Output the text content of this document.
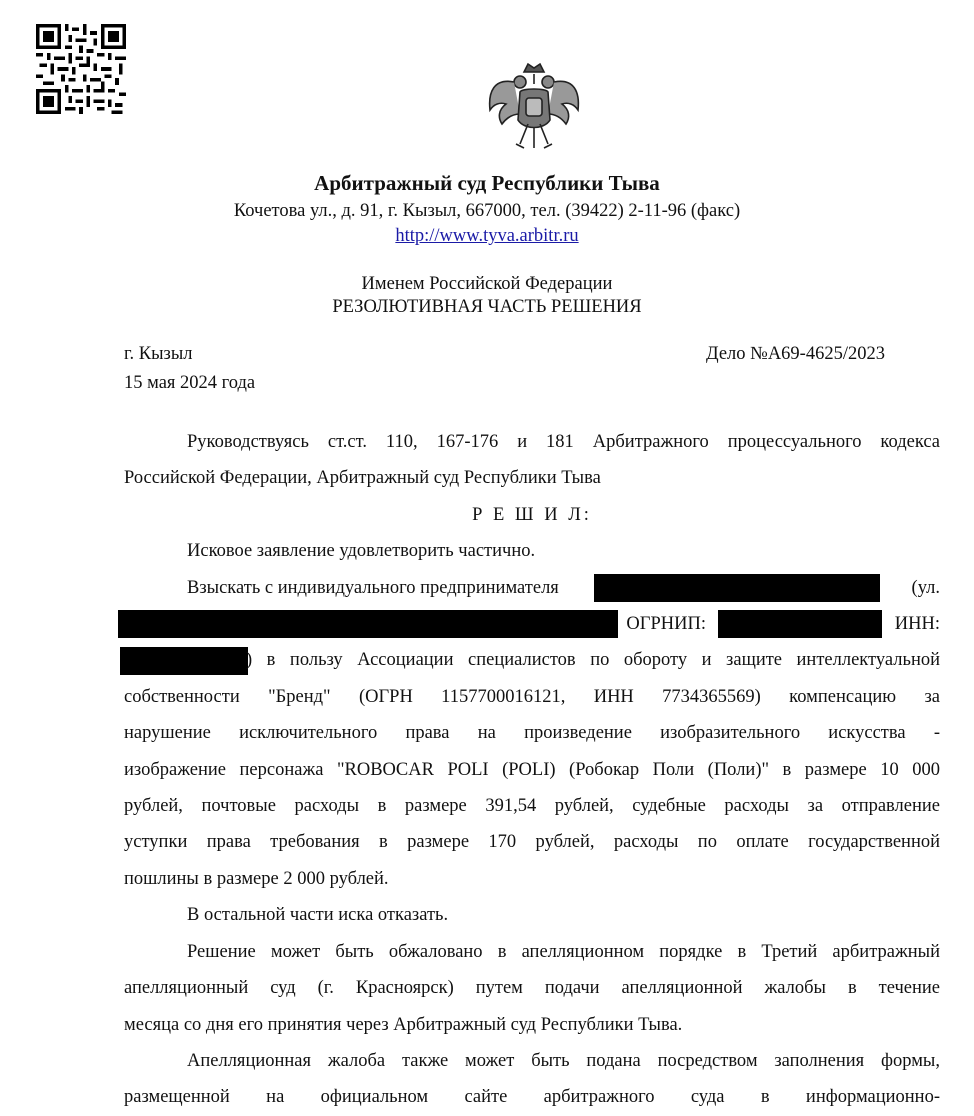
Арбитражный суд Республики Тыва
Кочетова ул., д. 91, г. Кызыл, 667000, тел. (39422) 2-11-96 (факс)
http://www.tyva.arbitr.ru
Именем Российской Федерации
РЕЗОЛЮТИВНАЯ ЧАСТЬ РЕШЕНИЯ
г. Кызыл	Дело №А69-4625/2023
15 мая 2024 года

Руководствуясь ст.ст. 110, 167-176 и 181 Арбитражного процессуального кодекса

Российской Федерации, Арбитражный суд Республики Тыва

Р Е Ш И Л:

Исковое заявление удовлетворить частично.

Взыскать с индивидуального предпринимателя	(ул.

ОГРНИП:	ИНН:

) в пользу Ассоциации специалистов по обороту и защите интеллектуальной

собственности "Бренд" (ОГРН 1157700016121, ИНН 7734365569) компенсацию за

нарушение исключительного права на произведение изобразительного искусства -

изображение персонажа "ROBOCAR POLI (POLI) (Робокар Поли (Поли)" в размере 10 000

рублей, почтовые расходы в размере 391,54 рублей, судебные расходы за отправление

уступки права требования в размере 170 рублей, расходы по оплате государственной

пошлины в размере 2 000 рублей.

В остальной части иска отказать.

Решение может быть обжаловано в апелляционном порядке в Третий арбитражный

апелляционный суд (г. Красноярск) путем подачи апелляционной жалобы в течение

месяца со дня его принятия через Арбитражный суд Республики Тыва.

Апелляционная жалоба также может быть подана посредством заполнения формы,

размещенной на официальном сайте арбитражного суда в информационно-
